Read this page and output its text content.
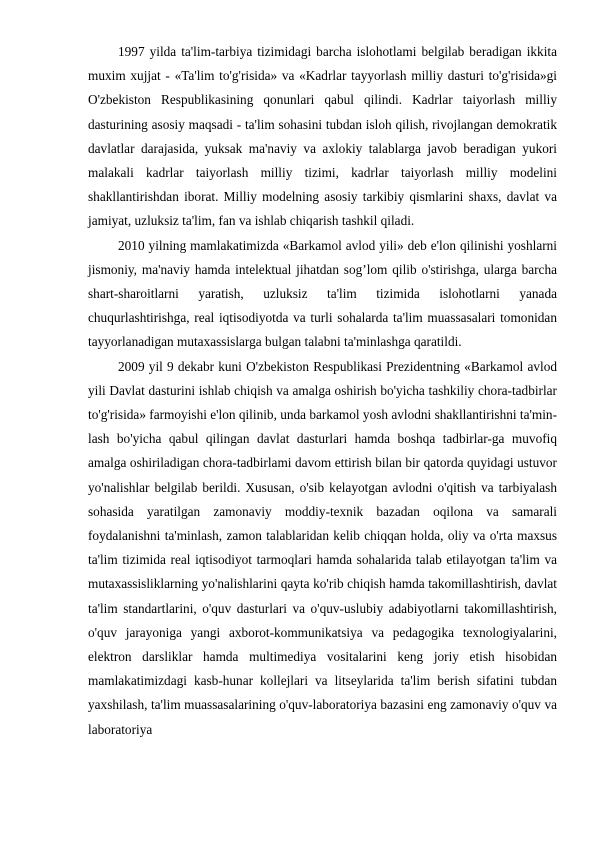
1997 yilda ta'lim-tarbiya tizimidagi barcha islohotlami belgilab beradigan ikkita muxim xujjat - «Ta'lim to'g'risida» va «Kadrlar tayyorlash milliy dasturi to'g'risida»gi O'zbekiston Respublikasining qonunlari qabul qilindi. Kadrlar taiyorlash milliy dasturining asosiy maqsadi - ta'lim sohasini tubdan isloh qilish, rivojlangan demokratik davlatlar darajasida, yuksak ma'naviy va axlokiy talablarga javob beradigan yukori malakali kadrlar taiyorlash milliy tizimi, kadrlar taiyorlash milliy modelini shakllantirishdan iborat. Milliy modelning asosiy tarkibiy qismlarini shaxs, davlat va jamiyat, uzluksiz ta'lim, fan va ishlab chiqarish tashkil qiladi.

2010 yilning mamlakatimizda «Barkamol avlod yili» deb e'lon qilinishi yoshlarni jismoniy, ma'naviy hamda intelektual jihatdan sog’lom qilib o'stirishga, ularga barcha shart-sharoitlarni yaratish, uzluksiz ta'lim tizimida islohotlarni yanada chuqurlashtirishga, real iqtisodiyotda va turli sohalarda ta'lim muassasalari tomonidan tayyorlanadigan mutaxassislarga bulgan talabni ta'minlashga qaratildi.

2009 yil 9 dekabr kuni O'zbekiston Respublikasi Prezidentning «Barkamol avlod yili Davlat dasturini ishlab chiqish va amalga oshirish bo'yicha tashkiliy chora-tadbirlar to'g'risida» farmoyishi e'lon qilinib, unda barkamol yosh avlodni shakllantirishni ta'min-lash bo'yicha qabul qilingan davlat dasturlari hamda boshqa tadbirlar-ga muvofiq amalga oshiriladigan chora-tadbirlami davom ettirish bilan bir qatorda quyidagi ustuvor yo'nalishlar belgilab berildi. Xususan, o'sib kelayotgan avlodni o'qitish va tarbiyalash sohasida yaratilgan zamonaviy moddiy-texnik bazadan oqilona va samarali foydalanishni ta'minlash, zamon talablaridan kelib chiqqan holda, oliy va o'rta maxsus ta'lim tizimida real iqtisodiyot tarmoqlari hamda sohalarida talab etilayotgan ta'lim va mutaxassisliklarning yo'nalishlarini qayta ko'rib chiqish hamda takomillashtirish, davlat ta'lim standartlarini, o'quv dasturlari va o'quv-uslubiy adabiyotlarni takomillashtirish, o'quv jarayoniga yangi axborot-kommunikatsiya va pedagogika texnologiyalarini, elektron darsliklar hamda multimediya vositalarini keng joriy etish hisobidan mamlakatimizdagi kasb-hunar kollejlari va litseylarida ta'lim berish sifatini tubdan yaxshilash, ta'lim muassasalarining o'quv-laboratoriya bazasini eng zamonaviy o'quv va laboratoriya
